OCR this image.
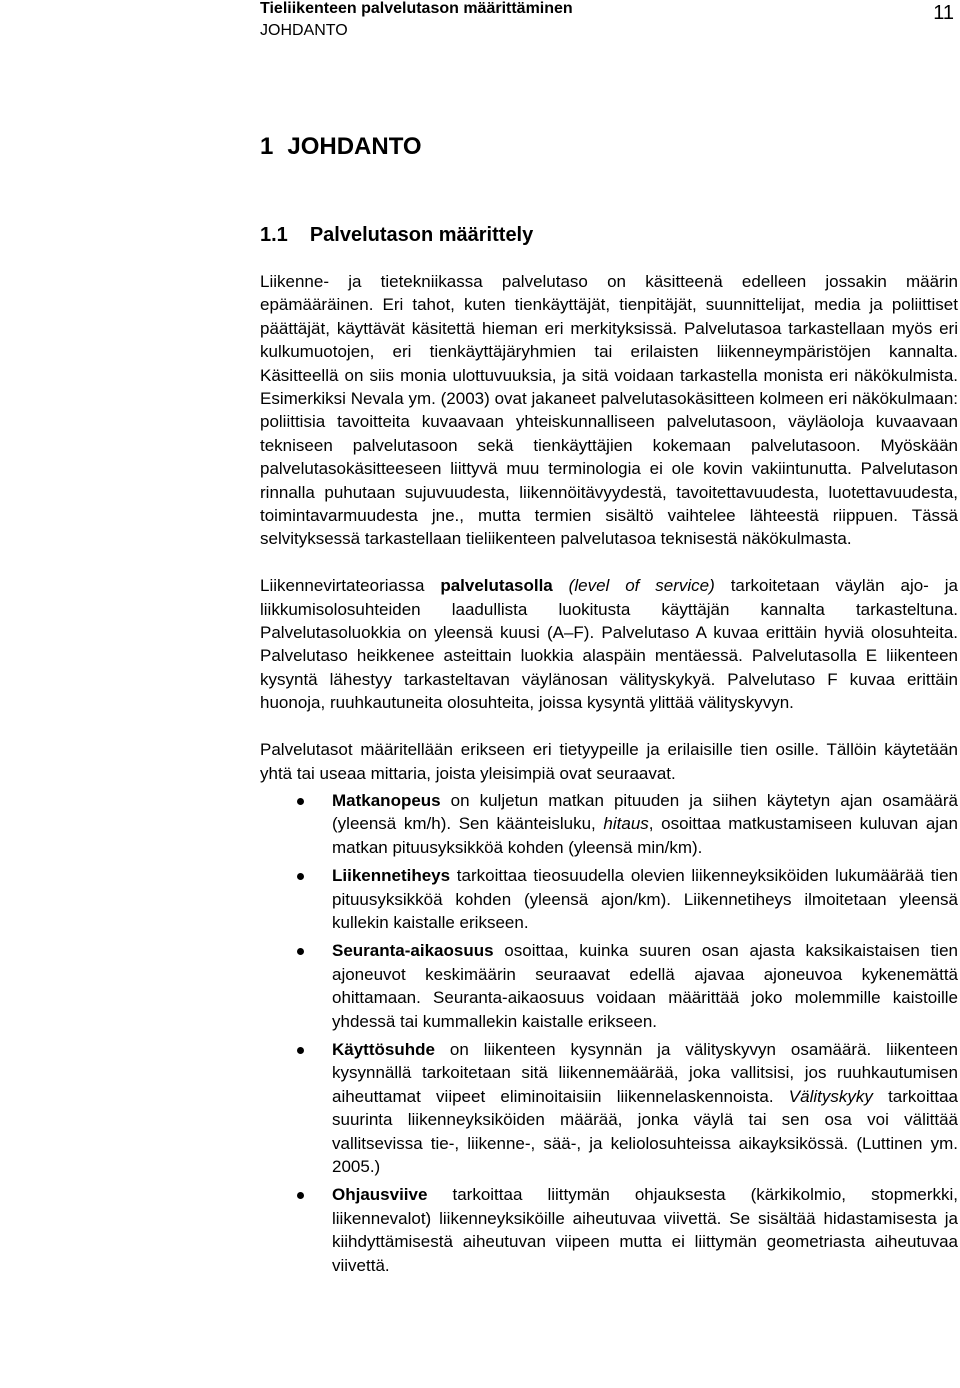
Tieliikenteen palvelutason määrittäminen
JOHDANTO
11
1 JOHDANTO
1.1 Palvelutason määrittely

Liikenne- ja tietekniikassa palvelutaso on käsitteenä edelleen jossakin määrin epämääräinen. Eri tahot, kuten tienkäyttäjät, tienpitäjät, suunnittelijat, media ja poliittiset päättäjät, käyttävät käsitettä hieman eri merkityksissä. Palvelutasoa tarkastellaan myös eri kulkumuotojen, eri tienkäyttäjäryhmien tai erilaisten liikenneympäristöjen kannalta. Käsitteellä on siis monia ulottuvuuksia, ja sitä voidaan tarkastella monista eri näkökulmista. Esimerkiksi Nevala ym. (2003) ovat jakaneet palvelutasokäsitteen kolmeen eri näkökulmaan: poliittisia tavoitteita kuvaavaan yhteiskunnalliseen palvelutasoon, väyläoloja kuvaavaan tekniseen palvelutasoon sekä tienkäyttäjien kokemaan palvelutasoon. Myöskään palvelutasokäsitteeseen liittyvä muu terminologia ei ole kovin vakiintunutta. Palvelutason rinnalla puhutaan sujuvuudesta, liikennöitävyydestä, tavoitettavuudesta, luotettavuudesta, toimintavarmuudesta jne., mutta termien sisältö vaihtelee lähteestä riippuen. Tässä selvityksessä tarkastellaan tieliikenteen palvelutasoa teknisestä näkökulmasta.

Liikennevirtateoriassa palvelutasolla (level of service) tarkoitetaan väylän ajo- ja liikkumisolosuhteiden laadullista luokitusta käyttäjän kannalta tarkasteltuna. Palvelutasoluokkia on yleensä kuusi (A–F). Palvelutaso A kuvaa erittäin hyviä olosuhteita. Palvelutaso heikkenee asteittain luokkia alaspäin mentäessä. Palvelutasolla E liikenteen kysyntä lähestyy tarkasteltavan väylänosan välityskykyä. Palvelutaso F kuvaa erittäin huonoja, ruuhkautuneita olosuhteita, joissa kysyntä ylittää välityskyvyn.

Palvelutasot määritellään erikseen eri tietyypeille ja erilaisille tien osille. Tällöin käytetään yhtä tai useaa mittaria, joista yleisimpiä ovat seuraavat.

Matkanopeus on kuljetun matkan pituuden ja siihen käytetyn ajan osamäärä (yleensä km/h). Sen käänteisluku, hitaus, osoittaa matkustamiseen kuluvan ajan matkan pituusyksikköä kohden (yleensä min/km).
Liikennetiheys tarkoittaa tieosuudella olevien liikenneyksiköiden lukumäärää tien pituusyksikköä kohden (yleensä ajon/km). Liikennetiheys ilmoitetaan yleensä kullekin kaistalle erikseen.
Seuranta-aikaosuus osoittaa, kuinka suuren osan ajasta kaksikaistaisen tien ajoneuvot keskimäärin seuraavat edellä ajavaa ajoneuvoa kykenemättä ohittamaan. Seuranta-aikaosuus voidaan määrittää joko molemmille kaistoille yhdessä tai kummallekin kaistalle erikseen.
Käyttösuhde on liikenteen kysynnän ja välityskyvyn osamäärä. liikenteen kysynnällä tarkoitetaan sitä liikennemäärää, joka vallitsisi, jos ruuhkautumisen aiheuttamat viipeet eliminoitaisiin liikennelaskennoista. Välityskyky tarkoittaa suurinta liikenneyksiköiden määrää, jonka väylä tai sen osa voi välittää vallitsevissa tie-, liikenne-, sää-, ja keliolosuhteissa aikayksikössä. (Luttinen ym. 2005.)
Ohjausviive tarkoittaa liittymän ohjauksesta (kärkikolmio, stopmerkki, liikennevalot) liikenneyksiköille aiheutuvaa viivettä. Se sisältää hidastamisesta ja kiihdyttämisestä aiheutuvan viipeen mutta ei liittymän geometriasta aiheutuvaa viivettä.
